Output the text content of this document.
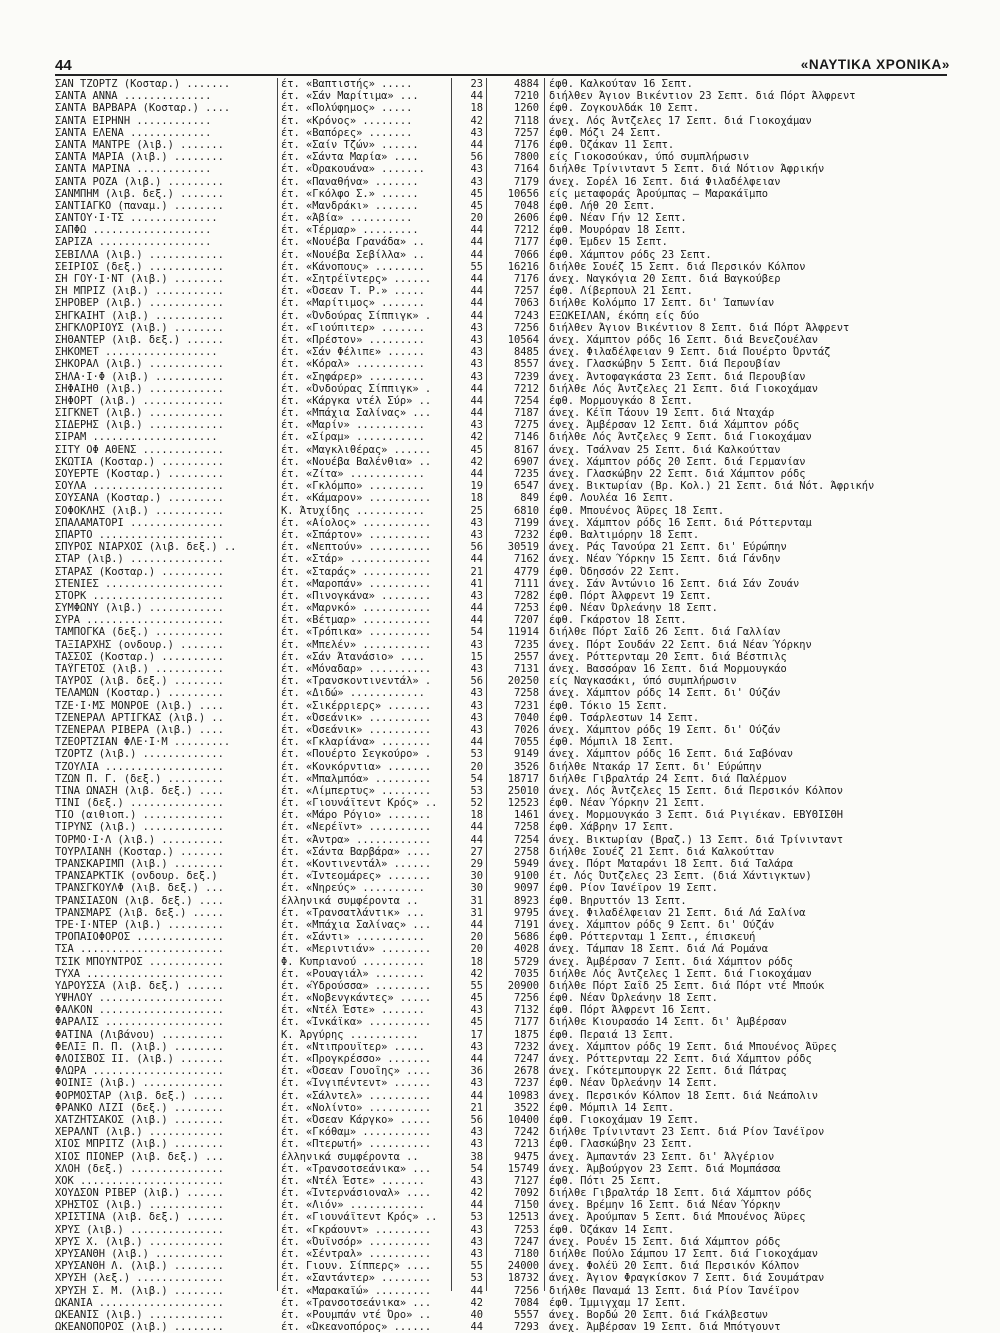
44	«ΝΑΥΤΙΚΑ ΧΡΟΝΙΚΑ»
ΣΑΝ ΤΖΟΡΤΖ (Κοσταρ.) .......	έτ. «Βαπτιστής» .....	23	4884 έφθ. Καλκούταν 16 Σεπτ.
ΣΑΝΤΑ ΑΝΝΑ ..............	έτ. «Σάν Μαρίτιμα» ...	44	7210 διήλθεν Άγιον Βικέντιον 23 Σεπτ. διά Πόρτ Άλφρεντ
ΣΑΝΤΑ ΒΑΡΒΑΡΑ (Κοσταρ.) ....	έτ. «Πολύφημος» .....	18	1260 έφθ. Ζογκουλδάκ 10 Σεπτ.
ΣΑΝΤΑ ΕΙΡΗΝΗ ............	έτ. «Κρόνος» ........	42	7118 άνεχ. Λός Άντζελες 17 Σεπτ. διά Γιοκοχάμαν
ΣΑΝΤΑ ΕΛΕΝΑ .............	έτ. «Βαπόρες» .......	43	7257 έφθ. Μόζι 24 Σεπτ.
ΣΑΝΤΑ ΜΑΝΤΡΕ (λιβ.) .......	έτ. «Σαίν Τζών» ......	44	7176 έφθ. Όζάκαν 11 Σεπτ.
ΣΑΝΤΑ ΜΑΡΙΑ (λιβ.) ........	έτ. «Σάντα Μαρία» ....	56	7800 είς Γιοκοσούκαν, ύπό συμπλήρωσιν
ΣΑΝΤΑ ΜΑΡΙΝΑ ............	έτ. «Όρακουάνα» .......	43	7164 διήλθε Τρίνινταντ 5 Σεπτ. διά Νότιον Άφρικήν
ΣΑΝΤΑ ΡΟΖΑ (λιβ.) .........	έτ. «Παναθήνα» .......	43	7179 άνεχ. Σορέλ 16 Σεπτ. διά Φιλαδέλφειαν
ΣΑΝΜΠΗΜ (λιβ. δεξ.) .......	έτ. «Γκόλφο Σ.» ......	45	10656 είς μεταφοράς Άρούμπας — Μαρακάϊμπο
ΣΑΝΤΙΑΓΚΟ (παναμ.) ........	έτ. «Μανδράκι» .......	45	7048 έφθ. Λήθ 20 Σεπτ.
ΣΑΝΤΟΥ·Ι·ΤΣ ..............	έτ. «Άβία» ..........	20	2606 έφθ. Νέαν Γήν 12 Σεπτ.
ΣΑΠΦΩ ...................	έτ. «Τέρμαρ» .........	44	7212 έφθ. Μουρόραν 18 Σεπτ.
ΣΑΡΙΖΑ ..................	έτ. «Νουέβα Γρανάδα» ..	44	7177 έφθ. Έμδεν 15 Σεπτ.
ΣΕΒΙΛΛΑ (λιβ.) ............	έτ. «Νουέβα Σεβίλλα» ..	44	7066 έφθ. Χάμπτον ρόδς 23 Σεπτ.
ΣΕΙΡΙΟΣ (δεξ.) ............	έτ. «Κάνοπους» ........	55	16216 διήλθε Σουέζ 15 Σεπτ. διά Περσικόν Κόλπον
ΣΗ ΓΟΥ·Ι·ΝΤ (λιβ.) ........	έτ. «Σητρέϊντερς» ......	44	7176 άνεχ. Ναγκόγια 20 Σεπτ. διά Βαγκούβερ
ΣΗ ΜΠΡΙΖ (λιβ.) ...........	έτ. «Όσεαν Τ. Ρ.» .....	44	7257 έφθ. Λίβερπουλ 21 Σεπτ.
ΣΗΡΟΒΕΡ (λιβ.) ............	έτ. «Μαρίτιμος» .......	44	7063 διήλθε Κολόμπο 17 Σεπτ. δι' Ίαπωνίαν
ΣΗΓΚΑΙΗΤ (λιβ.) ...........	έτ. «Όνδούρας Σίππιγκ» .	44	7243 ΕΞΩΚΕΙΛΑΝ, έκόπη είς δύο
ΣΗΓΚΛΟΡΙΟΥΣ (λιβ.) ........	έτ. «Γιούπιτερ» .......	43	7256 διήλθεν Άγιον Βικέντιον 8 Σεπτ. διά Πόρτ Άλφρεντ
ΣΗΘΑΝΤΕΡ (λιβ. δεξ.) ......	έτ. «Πρέστον» .........	43	10564 άνεχ. Χάμπτον ρόδς 16 Σεπτ. διά Βενεζουέλαν
ΣΗΚΟΜΕΤ ..................	έτ. «Σάν Φέλιπε» ......	43	8485 άνεχ. Φιλαδέλφειαν 9 Σεπτ. διά Πουέρτο Όρντάζ
ΣΗΚΟΡΑΛ (λιβ.) ............	έτ. «Κόραλ» ...........	43	8557 άνεχ. Γλασκώβην 5 Σεπτ. διά Περουβίαν
ΣΗΛΑ·Ι·Φ (λιβ.) ...........	έτ. «Σηφάρερ» .........	43	7239 άνεχ. Άντοφαγκάστα 23 Σεπτ. διά Περουβίαν
ΣΗΦΑΙΗΘ (λιβ.) ............	έτ. «Όνδούρας Σίππιγκ» .	44	7212 διήλθε Λός Άντζελες 21 Σεπτ. διά Γιοκοχάμαν
ΣΗΦΟΡΤ (λιβ.) .............	έτ. «Κάργκα ντέλ Σύρ» ..	44	7254 έφθ. Μορμουγκάο 8 Σεπτ.
ΣΙΓΚΝΕΤ (λιβ.) ............	έτ. «Μπάχια Σαλίνας» ...	44	7187 άνεχ. Κέϊπ Τάουν 19 Σεπτ. διά Νταχάρ
ΣΙΔΕΡΗΣ (λιβ.) ............	έτ. «Μαρίν» ...........	43	7275 άνεχ. Άμβέρσαν 12 Σεπτ. διά Χάμπτον ρόδς
ΣΙΡΑΜ ....................	έτ. «Σίραμ» ...........	42	7146 διήλθε Λός Άντζελες 9 Σεπτ. διά Γιοκοχάμαν
ΣΙΤΥ ΟΦ ΑΘΕΝΣ .............	έτ. «Μαγκλιθέρας» ......	45	8167 άνεχ. Τσάλναν 25 Σεπτ. διά Καλκούτταν
ΣΚΩΤΙΑ (Κοσταρ.) ..........	έτ. «Νουέβα Βαλένθια» ..	42	6907 άνεχ. Χάμπτον ρόδς 20 Σεπτ. διά Γερμανίαν
ΣΟΥΕΡΤΕ (Κοσταρ.) .........	έτ. «Ζίτα» ............	44	7235 άνεχ. Γλασκώβην 22 Σεπτ. διά Χάμπτον ρόδς
ΣΟΥΛΑ .....................	έτ. «Γκλόμπο» .........	19	6547 άνεχ. Βικτωρίαν (Βρ. Κολ.) 21 Σεπτ. διά Νότ. Άφρικήν
ΣΟΥΣΑΝΑ (Κοσταρ.) .........	έτ. «Κάμαρον» ..........	18	849 έφθ. Λουλέα 16 Σεπτ.
ΣΟΦΟΚΛΗΣ (λιβ.) ...........	Κ. Άτυχίδης ...........	25	6810 έφθ. Μπουένος Άϋρες 18 Σεπτ.
ΣΠΑΛΑΜΑΤΟΡΙ ...............	έτ. «Αίολος» ...........	43	7199 άνεχ. Χάμπτον ρόδς 16 Σεπτ. διά Ρόττερνταμ
ΣΠΑΡΤΟ ....................	έτ. «Σπάρτον» ..........	43	7232 έφθ. Βαλτιμόρην 18 Σεπτ.
ΣΠΥΡΟΣ ΝΙΑΡΧΟΣ (λιβ. δεξ.) ..	έτ. «Νεπτούν» ..........	56	30519 άνεχ. Ράς Τανούρα 21 Σεπτ. δι' Εύρώπην
ΣΤΑΡ (λιβ.) ...............	έτ. «Στάρ» .............	44	7162 άνεχ. Νέαν Ύόρκην 15 Σεπτ. διά Γάνδην
ΣΤΑΡΑΣ (Κοσταρ.) ..........	έτ. «Σταράς» ...........	21	4779 έφθ. Όδησσόν 22 Σεπτ.
ΣΤΕΝΙΕΣ ...................	έτ. «Μαροπάν» ..........	41	7111 άνεχ. Σάν Άντώνιο 16 Σεπτ. διά Σάν Ζουάν
ΣΤΟΡΚ .....................	έτ. «Πινογκάνα» ........	43	7282 έφθ. Πόρτ Άλφρεντ 19 Σεπτ.
ΣΥΜΦΩΝΥ (λιβ.) ............	έτ. «Μαρνκό» ...........	44	7253 έφθ. Νέαν Όρλεάνην 18 Σεπτ.
ΣΥΡΑ ......................	έτ. «Βέτμαρ» ...........	44	7207 έφθ. Γκάρστον 18 Σεπτ.
ΤΑΜΠΟΓΚΑ (δεξ.) ...........	έτ. «Τρόπικα» ..........	54	11914 διήλθε Πόρτ Σαΐδ 26 Σεπτ. διά Γαλλίαν
ΤΑΞΙΑΡΧΗΣ (ονδουρ.) .......	έτ. «Μπελέν» ...........	43	7235 άνεχ. Πόρτ Σουδάν 22 Σεπτ. διά Νέαν Ύόρκην
ΤΑΣΣΟΣ (Κοσταρ.) ..........	έτ. «Σάν Άτανάσιο» ....	15	2557 άνεχ. Ρόττερνταμ 20 Σεπτ. διά Βέστπιλς
ΤΑΫΓΕΤΟΣ (λιβ.) ...........	έτ. «Μόναδαρ» ..........	43	7131 άνεχ. Βασσόραν 16 Σεπτ. διά Μορμουγκάο
ΤΑΥΡΟΣ (λιβ. δεξ.) ........	έτ. «Τρανσκοντινεντάλ» .	56	20250 είς Ναγκασάκι, ύπό συμπλήρωσιν
ΤΕΛΑΜΩΝ (Κοσταρ.) .........	έτ. «Διδώ» ............	43	7258 άνεχ. Χάμπτον ρόδς 14 Σεπτ. δι' Ούζάν
ΤΖΕ·Ι·ΜΣ ΜΟΝΡΟΕ (λιβ.) ....	έτ. «Σικέρριερς» .......	43	7231 έφθ. Τόκιο 15 Σεπτ.
ΤΖΕΝΕΡΑΛ ΑΡΤΙΓΚΑΣ (λιβ.) ..	έτ. «Όσεάνικ» ..........	43	7040 έφθ. Τσάρλεστων 14 Σεπτ.
ΤΖΕΝΕΡΑΛ ΡΙΒΕΡΑ (λιβ.) ....	έτ. «Όσεάνικ» ..........	43	7026 άνεχ. Χάμπτον ρόδς 19 Σεπτ. δι' Ούζάν
ΤΖΕΟΡΤΖΙΑΝ ΦΛΕ·Ι·Μ .........	έτ. «Γκλαρίάνα» ........	44	7055 έφθ. Μόμπιλ 18 Σεπτ.
ΤΖΟΡΤΖ (λιβ.) .............	έτ. «Πουέρτο Σεγκούρο» .	53	9149 άνεχ. Χάμπτον ρόδς 16 Σεπτ. διά Σαβόναν
ΤΖΟΥΛΙΑ ...................	έτ. «Κονκόρντια» .......	20	3526 διήλθε Ντακάρ 17 Σεπτ. δι' Εύρώπην
ΤΖΩΝ Π. Γ. (δεξ.) .........	έτ. «Μπαλμπόα» .........	54	18717 διήλθε Γιβραλτάρ 24 Σεπτ. διά Παλέρμον
ΤΙΝΑ ΩΝΑΣΗ (λιβ. δεξ.) ....	έτ. «Λίμπερτυς» ........	53	25010 άνεχ. Λός Άντζελες 15 Σεπτ. διά Περσικόν Κόλπον
ΤΙΝΙ (δεξ.) ...............	έτ. «Γιουνάϊτεντ Κρός» ..	52	12523 έφθ. Νέαν Ύόρκην 21 Σεπτ.
ΤΙΟ (αιθιοπ.) .............	έτ. «Μάρο Ρόγιο» .......	18	1461 άνεχ. Μορμουγκάο 3 Σεπτ. διά Ριγιέκαν. ΕΒΥΘΙΣΘΗ
ΤΙΡΥΝΣ (λιβ.) .............	έτ. «Νερέϊντ» ..........	44	7258 έφθ. Χάβρην 17 Σεπτ.
ΤΟΡΜΟ·Ι·Λ (λιβ.) ..........	έτ. «Άντρα» ............	44	7254 άνεχ. Βικτωρίαν (Βραζ.) 13 Σεπτ. διά Τρίνινταντ
ΤΟΥΡΛΙΑΝΗ (Κοσταρ.) .......	έτ. «Σάντα Βαρβάρα» ....	27	2758 διήλθε Σουέζ 21 Σεπτ. διά Καλκούτταν
ΤΡΑΝΣΚΑΡΙΜΠ (λιβ.) ........	έτ. «Κοντινεντάλ» ......	29	5949 άνεχ. Πόρτ Ματαράνι 18 Σεπτ. διά Ταλάρα
ΤΡΑΝΣΑΡΚΤΙΚ (ονδουρ. δεξ.)	έτ. «Ίντεομάρες» .......	30	9100 έτ. Λός Όυτζελες 23 Σεπτ. (διά Χάντιγκτων)
ΤΡΑΝΣΓΚΟΥΛΦ (λιβ. δεξ.) ...	έτ. «Νηρεύς» ..........	30	9097 έφθ. Ρίον Ίανέϊρον 19 Σεπτ.
ΤΡΑΝΣΙΑΣΟΝ (λιβ. δεξ.) ....	έλληνικά συμφέροντα ..	31	8923 έφθ. Βηρυττόν 13 Σεπτ.
ΤΡΑΝΣΜΑΡΣ (λιβ. δεξ.) .....	έτ. «Τρανσατλάντικ» ...	31	9795 άνεχ. Φιλαδέλφειαν 21 Σεπτ. διά Λά Σαλίνα
ΤΡΕ·Ι·ΝΤΕΡ (λιβ.) .........	έτ. «Μπάχια Σαλίνας» ...	44	7191 άνεχ. Χάμπτον ρόδς 9 Σεπτ. δι' Ούζάν
ΤΡΟΠΑΙΟΦΟΡΟΣ ..............	έτ. «Σάντι» ...........	20	5686 έφθ. Ρόττερνταμ 1 Σεπτ., έπισκευή
ΤΣΑ .......................	έτ. «Μεριντιάν» ........	20	4028 άνεχ. Τάμπαν 18 Σεπτ. διά Λά Ρομάνα
ΤΣΙΚ ΜΠΟΥΝΤΡΟΣ ............	Φ. Κυπριανού ..........	18	5729 άνεχ. Άμβέρσαν 7 Σεπτ. διά Χάμπτον ρόδς
ΤΥΧΑ ......................	έτ. «Ρουαγιάλ» ........	42	7035 διήλθε Λός Άντζελες 1 Σεπτ. διά Γιοκοχάμαν
ΥΔΡΟΥΣΣΑ (λιβ. δεξ.) ......	έτ. «Ύδρούσσα» .........	55	20900 διήλθε Πόρτ Σαΐδ 25 Σεπτ. διά Πόρτ ντέ Μπούκ
ΥΨΗΛΟΥ ....................	έτ. «Νοβενγκάντες» .....	45	7256 έφθ. Νέαν Όρλεάνην 18 Σεπτ.
ΦΑΛΚΟΝ ....................	έτ. «Ντέλ Έστε» .......	43	7132 έφθ. Πόρτ Άλφρεντ 16 Σεπτ.
ΦΑΡΑΛΙΣ ...................	έτ. «Ίνκάϊκα» ..........	45	7177 διήλθε Κιουρασάο 14 Σεπτ. δι' Άμβέρσαν
ΦΑΤΙΝΑ (Λιβάνου) ..........	Κ. Άργύρης ...........	17	1875 έφθ. Περαιά 13 Σεπτ.
ΦΕΛΙΞ Π. Π. (λιβ.) ........	έτ. «Ντιπρουϊτερ» .....	43	7232 άνεχ. Χάμπτον ρόδς 19 Σεπτ. διά Μπουένος Άϋρες
ΦΛΟΙΣΒΟΣ ΙΙ. (λιβ.) .......	έτ. «Προγκρέσσο» .......	44	7247 άνεχ. Ρόττερνταμ 22 Σεπτ. διά Χάμπτον ρόδς
ΦΛΩΡΑ .....................	έτ. «Όσεαν Γουοΐης» ....	36	2678 άνεχ. Γκότεμπουργκ 22 Σεπτ. διά Πάτρας
ΦΟΙΝΙΞ (λιβ.) .............	έτ. «Ίνγιπέντεντ» ......	43	7237 έφθ. Νέαν Όρλεάνην 14 Σεπτ.
ΦΟΡΜΟΣΤΑΡ (λιβ. δεξ.) .....	έτ. «Σάλντελ» ..........	44	10983 άνεχ. Περσικόν Κόλπον 18 Σεπτ. διά Νεάπολιν
ΦΡΑΝΚΟ ΛΙΖΙ (δεξ.) ........	έτ. «Νολίντο» ..........	21	3522 έφθ. Μόμπιλ 14 Σεπτ.
ΧΑΤΖΗΤΣΑΚΟΣ (λιβ.) ........	έτ. «Όσεαν Κάργκο» .....	56	10400 έφθ. Γιοκοχάμαν 19 Σεπτ.
ΧΕΡΑΛΝΤ (λιβ.) ............	έτ. «Γκόθαμ» ...........	43	7242 διήλθε Τρίνινταντ 23 Σεπτ. διά Ρίον Ίανέϊρον
ΧΙΟΣ ΜΠΡΙΤΖ (λιβ.) ........	έτ. «Πτερωτή» ..........	43	7213 έφθ. Γλασκώβην 23 Σεπτ.
ΧΙΟΣ ΠΙΟΝΕΡ (λιβ. δεξ.) ...	έλληνικά συμφέροντα ..	38	9475 άνεχ. Άμπαντάν 23 Σεπτ. δι' Άλγέριον
ΧΛΟΗ (δεξ.) ...............	έτ. «Τρανσοτσεάνικα» ...	54	15749 άνεχ. Άμβούργον 23 Σεπτ. διά Μομπάσσα
ΧΟΚ .......................	έτ. «Ντέλ Έστε» .......	43	7127 έφθ. Πότι 25 Σεπτ.
ΧΟΥΔΣΟΝ ΡΙΒΕΡ (λιβ.) ......	έτ. «Ίντερνάσιοναλ» ....	42	7092 διήλθε Γιβραλτάρ 18 Σεπτ. διά Χάμπτον ρόδς
ΧΡΗΣΤΟΣ (λιβ.) ............	έτ. «Λιόν» ............	44	7150 άνεχ. Βρέμην 16 Σεπτ. διά Νέαν Ύόρκην
ΧΡΙΣΤΙΝΑ (λιβ. δεξ.) ......	έτ. «Γιουνάϊτεντ Κρός» ..	53	12513 άνεχ. Άρούμπαν 5 Σεπτ. διά Μπουένος Άϋρες
ΧΡΥΣ (λιβ.) ...............	έτ. «Γκράουντ» .........	43	7253 έφθ. Όζάκαν 14 Σεπτ.
ΧΡΥΣ Χ. (λιβ.) ............	έτ. «Όυϊνσόρ» ..........	43	7247 άνεχ. Ρουέν 15 Σεπτ. διά Χάμπτον ρόδς
ΧΡΥΣΑΝΘΗ (λιβ.) ...........	έτ. «Σέντραλ» ..........	43	7180 διήλθε Πούλο Σάμπου 17 Σεπτ. διά Γιοκοχάμαν
ΧΡΥΣΑΝΘΗ Λ. (λιβ.) ........	έτ. Γιουν. Σίππερς» ....	55	24000 άνεχ. Φολέϋ 20 Σεπτ. διά Περσικόν Κόλπον
ΧΡΥΣΗ (λεξ.) ..............	έτ. «Σαντάντερ» ........	53	18732 άνεχ. Άγιον Φραγκίσκον 7 Σεπτ. διά Σουμάτραν
ΧΡΥΣΗ Σ. Μ. (λιβ.) ........	έτ. «Μαρακαϊώ» .........	44	7256 διήλθε Παναμά 13 Σεπτ. διά Ρίον Ίανέϊρον
ΩΚΑΝΙΑ ....................	έτ. «Τρανσοτσεάνικα» ...	42	7084 έφθ. Ίμμιγχαμ 17 Σεπτ.
ΩΚΕΑΝΙΣ (λιβ.) ............	έτ. «Ρουμπάν ντέ Όρο» ..	40	5557 άνεχ. Βορδώ 20 Σεπτ. διά Γκάλβεστων
ΩΚΕΑΝΟΠΟΡΟΣ (λιβ.) ........	έτ. «Ώκεανοπόρος» ......	44	7293 άνεχ. Άμβέρσαν 19 Σεπτ. διά Μπότγουντ
